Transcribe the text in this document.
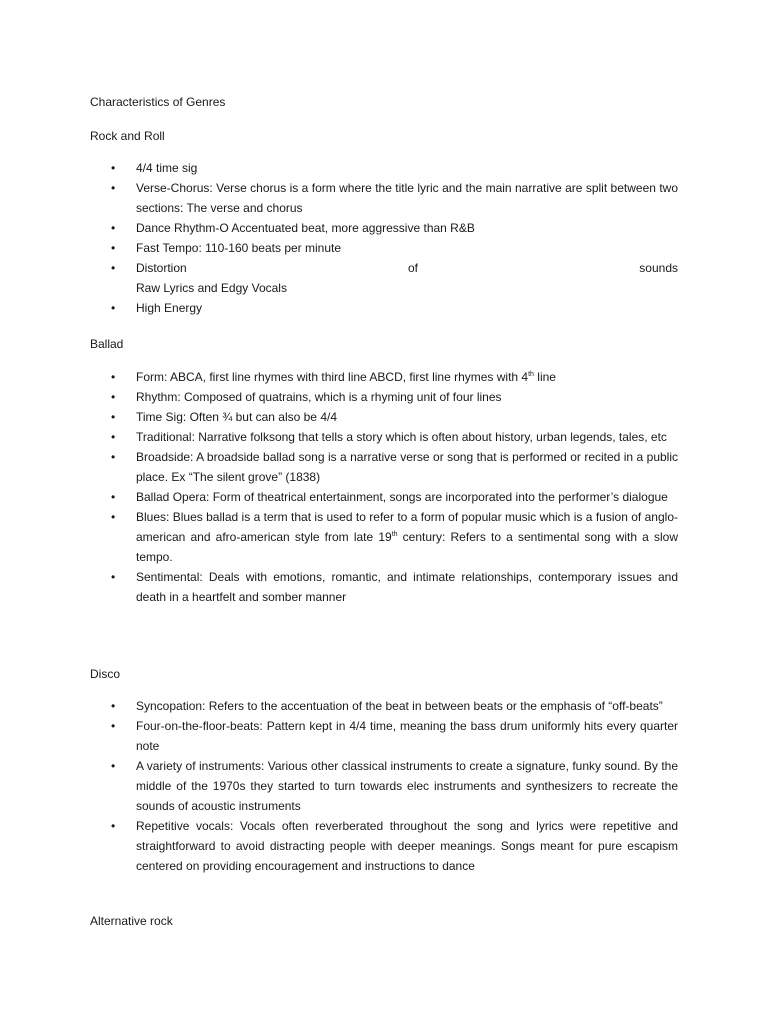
Characteristics of Genres
Rock and Roll
• 4/4 time sig
• Verse-Chorus: Verse chorus is a form where the title lyric and the main narrative are split between two sections: The verse and chorus
• Dance Rhythm-O Accentuated beat, more aggressive than R&B
• Fast Tempo: 110-160 beats per minute
• Distortion	of	sounds
Raw Lyrics and Edgy Vocals
• High Energy
Ballad
• Form: ABCA, first line rhymes with third line ABCD, first line rhymes with 4th line
• Rhythm: Composed of quatrains, which is a rhyming unit of four lines
• Time Sig: Often ¾ but can also be 4/4
• Traditional: Narrative folksong that tells a story which is often about history, urban legends, tales, etc
• Broadside: A broadside ballad song is a narrative verse or song that is performed or recited in a public place. Ex “The silent grove” (1838)
• Ballad Opera: Form of theatrical entertainment, songs are incorporated into the performer’s dialogue
• Blues: Blues ballad is a term that is used to refer to a form of popular music which is a fusion of anglo-american and afro-american style from late 19th century: Refers to a sentimental song with a slow tempo.
• Sentimental: Deals with emotions, romantic, and intimate relationships, contemporary issues and death in a heartfelt and somber manner
Disco
• Syncopation: Refers to the accentuation of the beat in between beats or the emphasis of “off-beats”
• Four-on-the-floor-beats: Pattern kept in 4/4 time, meaning the bass drum uniformly hits every quarter note
• A variety of instruments: Various other classical instruments to create a signature, funky sound. By the middle of the 1970s they started to turn towards elec instruments and synthesizers to recreate the sounds of acoustic instruments
• Repetitive vocals: Vocals often reverberated throughout the song and lyrics were repetitive and straightforward to avoid distracting people with deeper meanings. Songs meant for pure escapism centered on providing encouragement and instructions to dance
Alternative rock
